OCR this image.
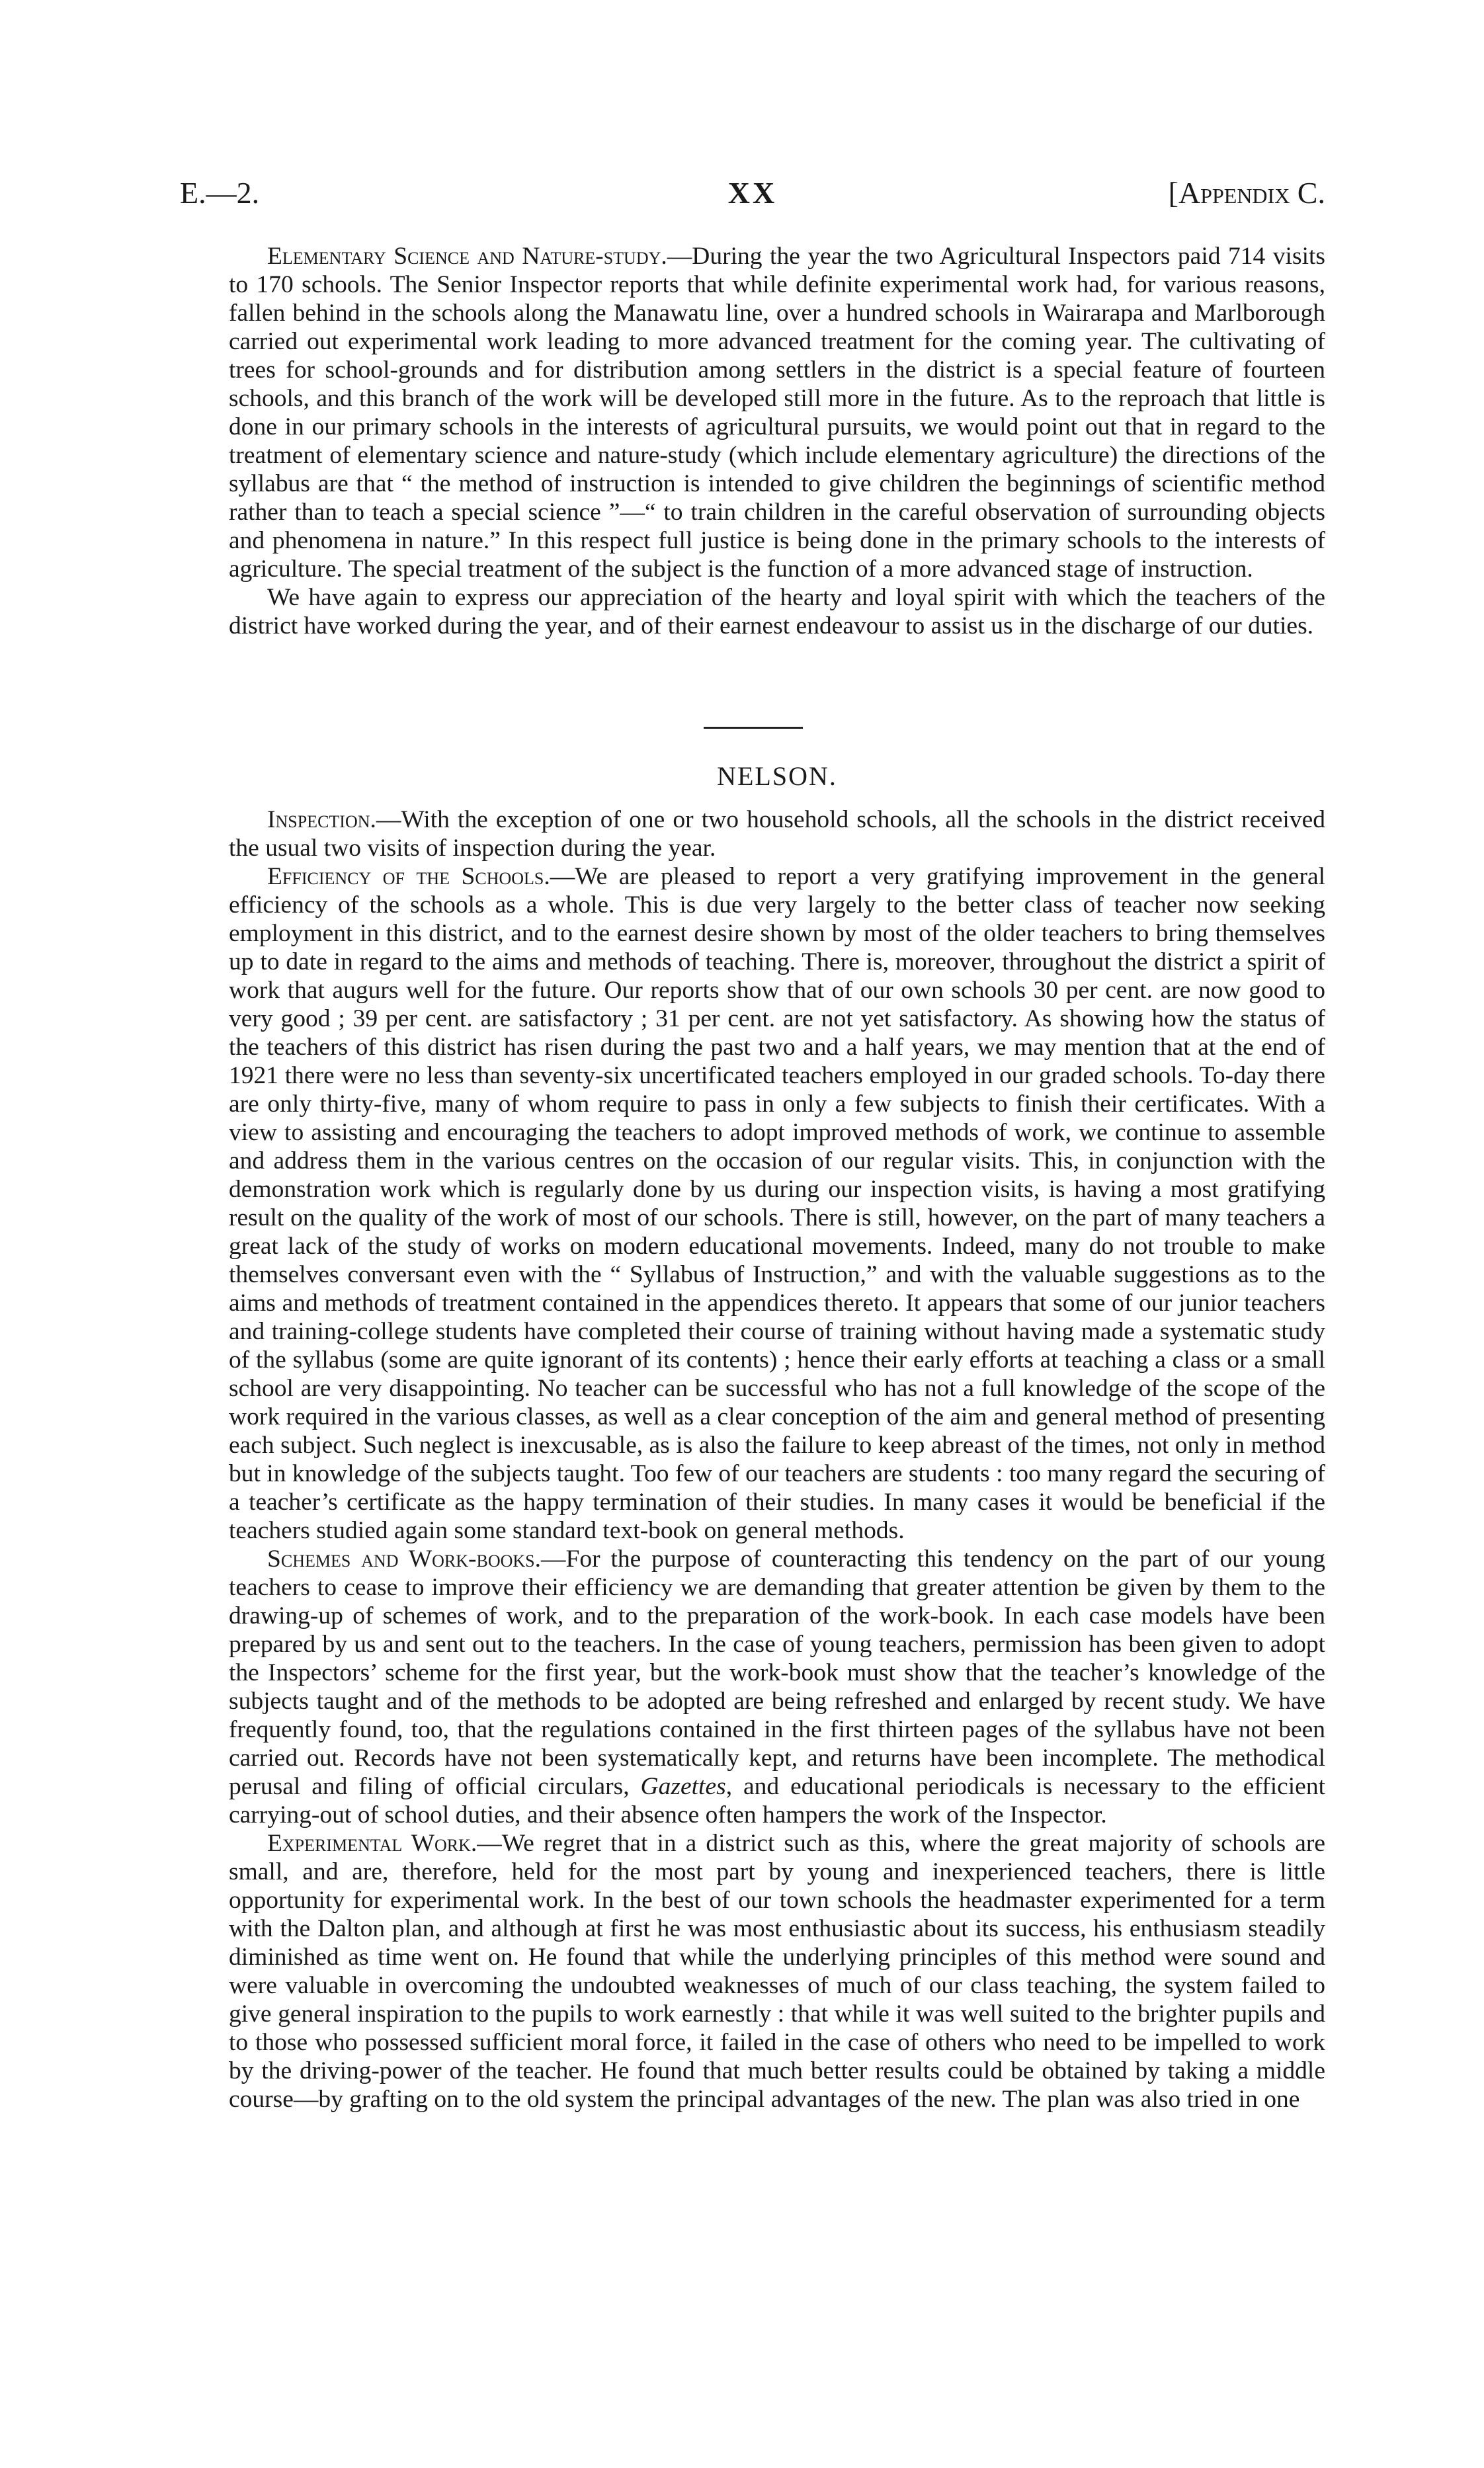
E.—2.	XX	[Appendix C.

Elementary Science and Nature-study.—During the year the two Agricultural Inspectors paid 714 visits to 170 schools. The Senior Inspector reports that while definite experimental work had, for various reasons, fallen behind in the schools along the Manawatu line, over a hundred schools in Wairarapa and Marlborough carried out experimental work leading to more advanced treatment for the coming year. The cultivating of trees for school-grounds and for distribution among settlers in the district is a special feature of fourteen schools, and this branch of the work will be developed still more in the future. As to the reproach that little is done in our primary schools in the interests of agricultural pursuits, we would point out that in regard to the treatment of elementary science and nature-study (which include elementary agriculture) the directions of the syllabus are that “ the method of instruction is intended to give children the beginnings of scientific method rather than to teach a special science ”—“ to train children in the careful observation of surrounding objects and phenomena in nature.” In this respect full justice is being done in the primary schools to the interests of agriculture. The special treatment of the subject is the function of a more advanced stage of instruction.

We have again to express our appreciation of the hearty and loyal spirit with which the teachers of the district have worked during the year, and of their earnest endeavour to assist us in the discharge of our duties.

NELSON.

Inspection.—With the exception of one or two household schools, all the schools in the district received the usual two visits of inspection during the year.

Efficiency of the Schools.—We are pleased to report a very gratifying improvement in the general efficiency of the schools as a whole. This is due very largely to the better class of teacher now seeking employment in this district, and to the earnest desire shown by most of the older teachers to bring themselves up to date in regard to the aims and methods of teaching. There is, moreover, throughout the district a spirit of work that augurs well for the future. Our reports show that of our own schools 30 per cent. are now good to very good ; 39 per cent. are satisfactory ; 31 per cent. are not yet satisfactory. As showing how the status of the teachers of this district has risen during the past two and a half years, we may mention that at the end of 1921 there were no less than seventy-six uncertificated teachers employed in our graded schools. To-day there are only thirty-five, many of whom require to pass in only a few subjects to finish their certificates. With a view to assisting and encouraging the teachers to adopt improved methods of work, we continue to assemble and address them in the various centres on the occasion of our regular visits. This, in conjunction with the demonstration work which is regularly done by us during our inspection visits, is having a most gratifying result on the quality of the work of most of our schools. There is still, however, on the part of many teachers a great lack of the study of works on modern educational movements. Indeed, many do not trouble to make themselves conversant even with the “ Syllabus of Instruction,” and with the valuable suggestions as to the aims and methods of treatment contained in the appendices thereto. It appears that some of our junior teachers and training-college students have completed their course of training without having made a systematic study of the syllabus (some are quite ignorant of its contents) ; hence their early efforts at teaching a class or a small school are very disappointing. No teacher can be successful who has not a full knowledge of the scope of the work required in the various classes, as well as a clear conception of the aim and general method of presenting each subject. Such neglect is inexcusable, as is also the failure to keep abreast of the times, not only in method but in knowledge of the subjects taught. Too few of our teachers are students : too many regard the securing of a teacher’s certificate as the happy termination of their studies. In many cases it would be beneficial if the teachers studied again some standard text-book on general methods.

Schemes and Work-books.—For the purpose of counteracting this tendency on the part of our young teachers to cease to improve their efficiency we are demanding that greater attention be given by them to the drawing-up of schemes of work, and to the preparation of the work-book. In each case models have been prepared by us and sent out to the teachers. In the case of young teachers, permission has been given to adopt the Inspectors’ scheme for the first year, but the work-book must show that the teacher’s knowledge of the subjects taught and of the methods to be adopted are being refreshed and enlarged by recent study. We have frequently found, too, that the regulations contained in the first thirteen pages of the syllabus have not been carried out. Records have not been systematically kept, and returns have been incomplete. The methodical perusal and filing of official circulars, Gazettes, and educational periodicals is necessary to the efficient carrying-out of school duties, and their absence often hampers the work of the Inspector.

Experimental Work.—We regret that in a district such as this, where the great majority of schools are small, and are, therefore, held for the most part by young and inexperienced teachers, there is little opportunity for experimental work. In the best of our town schools the headmaster experimented for a term with the Dalton plan, and although at first he was most enthusiastic about its success, his enthusiasm steadily diminished as time went on. He found that while the underlying principles of this method were sound and were valuable in overcoming the undoubted weaknesses of much of our class teaching, the system failed to give general inspiration to the pupils to work earnestly : that while it was well suited to the brighter pupils and to those who possessed sufficient moral force, it failed in the case of others who need to be impelled to work by the driving-power of the teacher. He found that much better results could be obtained by taking a middle course—by grafting on to the old system the principal advantages of the new. The plan was also tried in one
